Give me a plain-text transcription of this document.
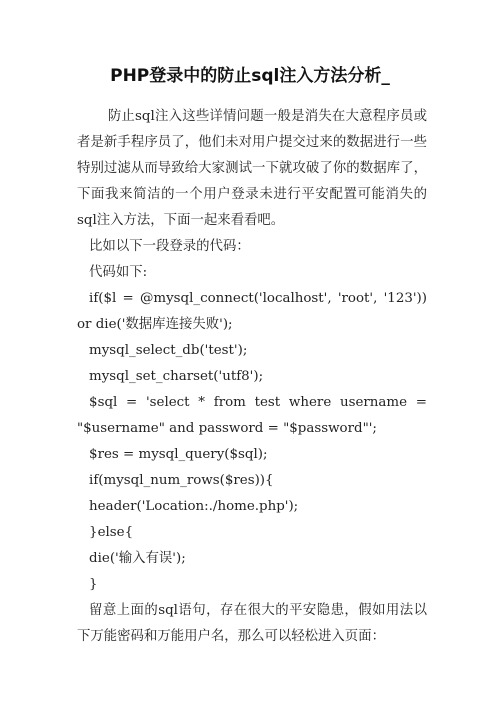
PHP登录中的防止sql注入方法分析_

防止sql注入这些详情问题一般是消失在大意程序员或者是新手程序员了，他们未对用户提交过来的数据进行一些特别过滤从而导致给大家测试一下就攻破了你的数据库了，下面我来简洁的一个用户登录未进行平安配置可能消失的sql注入方法，下面一起来看看吧。

比如以下一段登录的代码：

代码如下:

if($l = @mysql_connect('localhost', 'root', '123')) or die('数据库连接失败');

mysql_select_db('test');

mysql_set_charset('utf8');

$sql = 'select * from test where username = "$username" and password = "$password"';

$res = mysql_query($sql);

if(mysql_num_rows($res)){

header('Location:./home.php');

}else{

die('输入有误');

}

留意上面的sql语句，存在很大的平安隐患，假如用法以下万能密码和万能用户名，那么可以轻松进入页面：
